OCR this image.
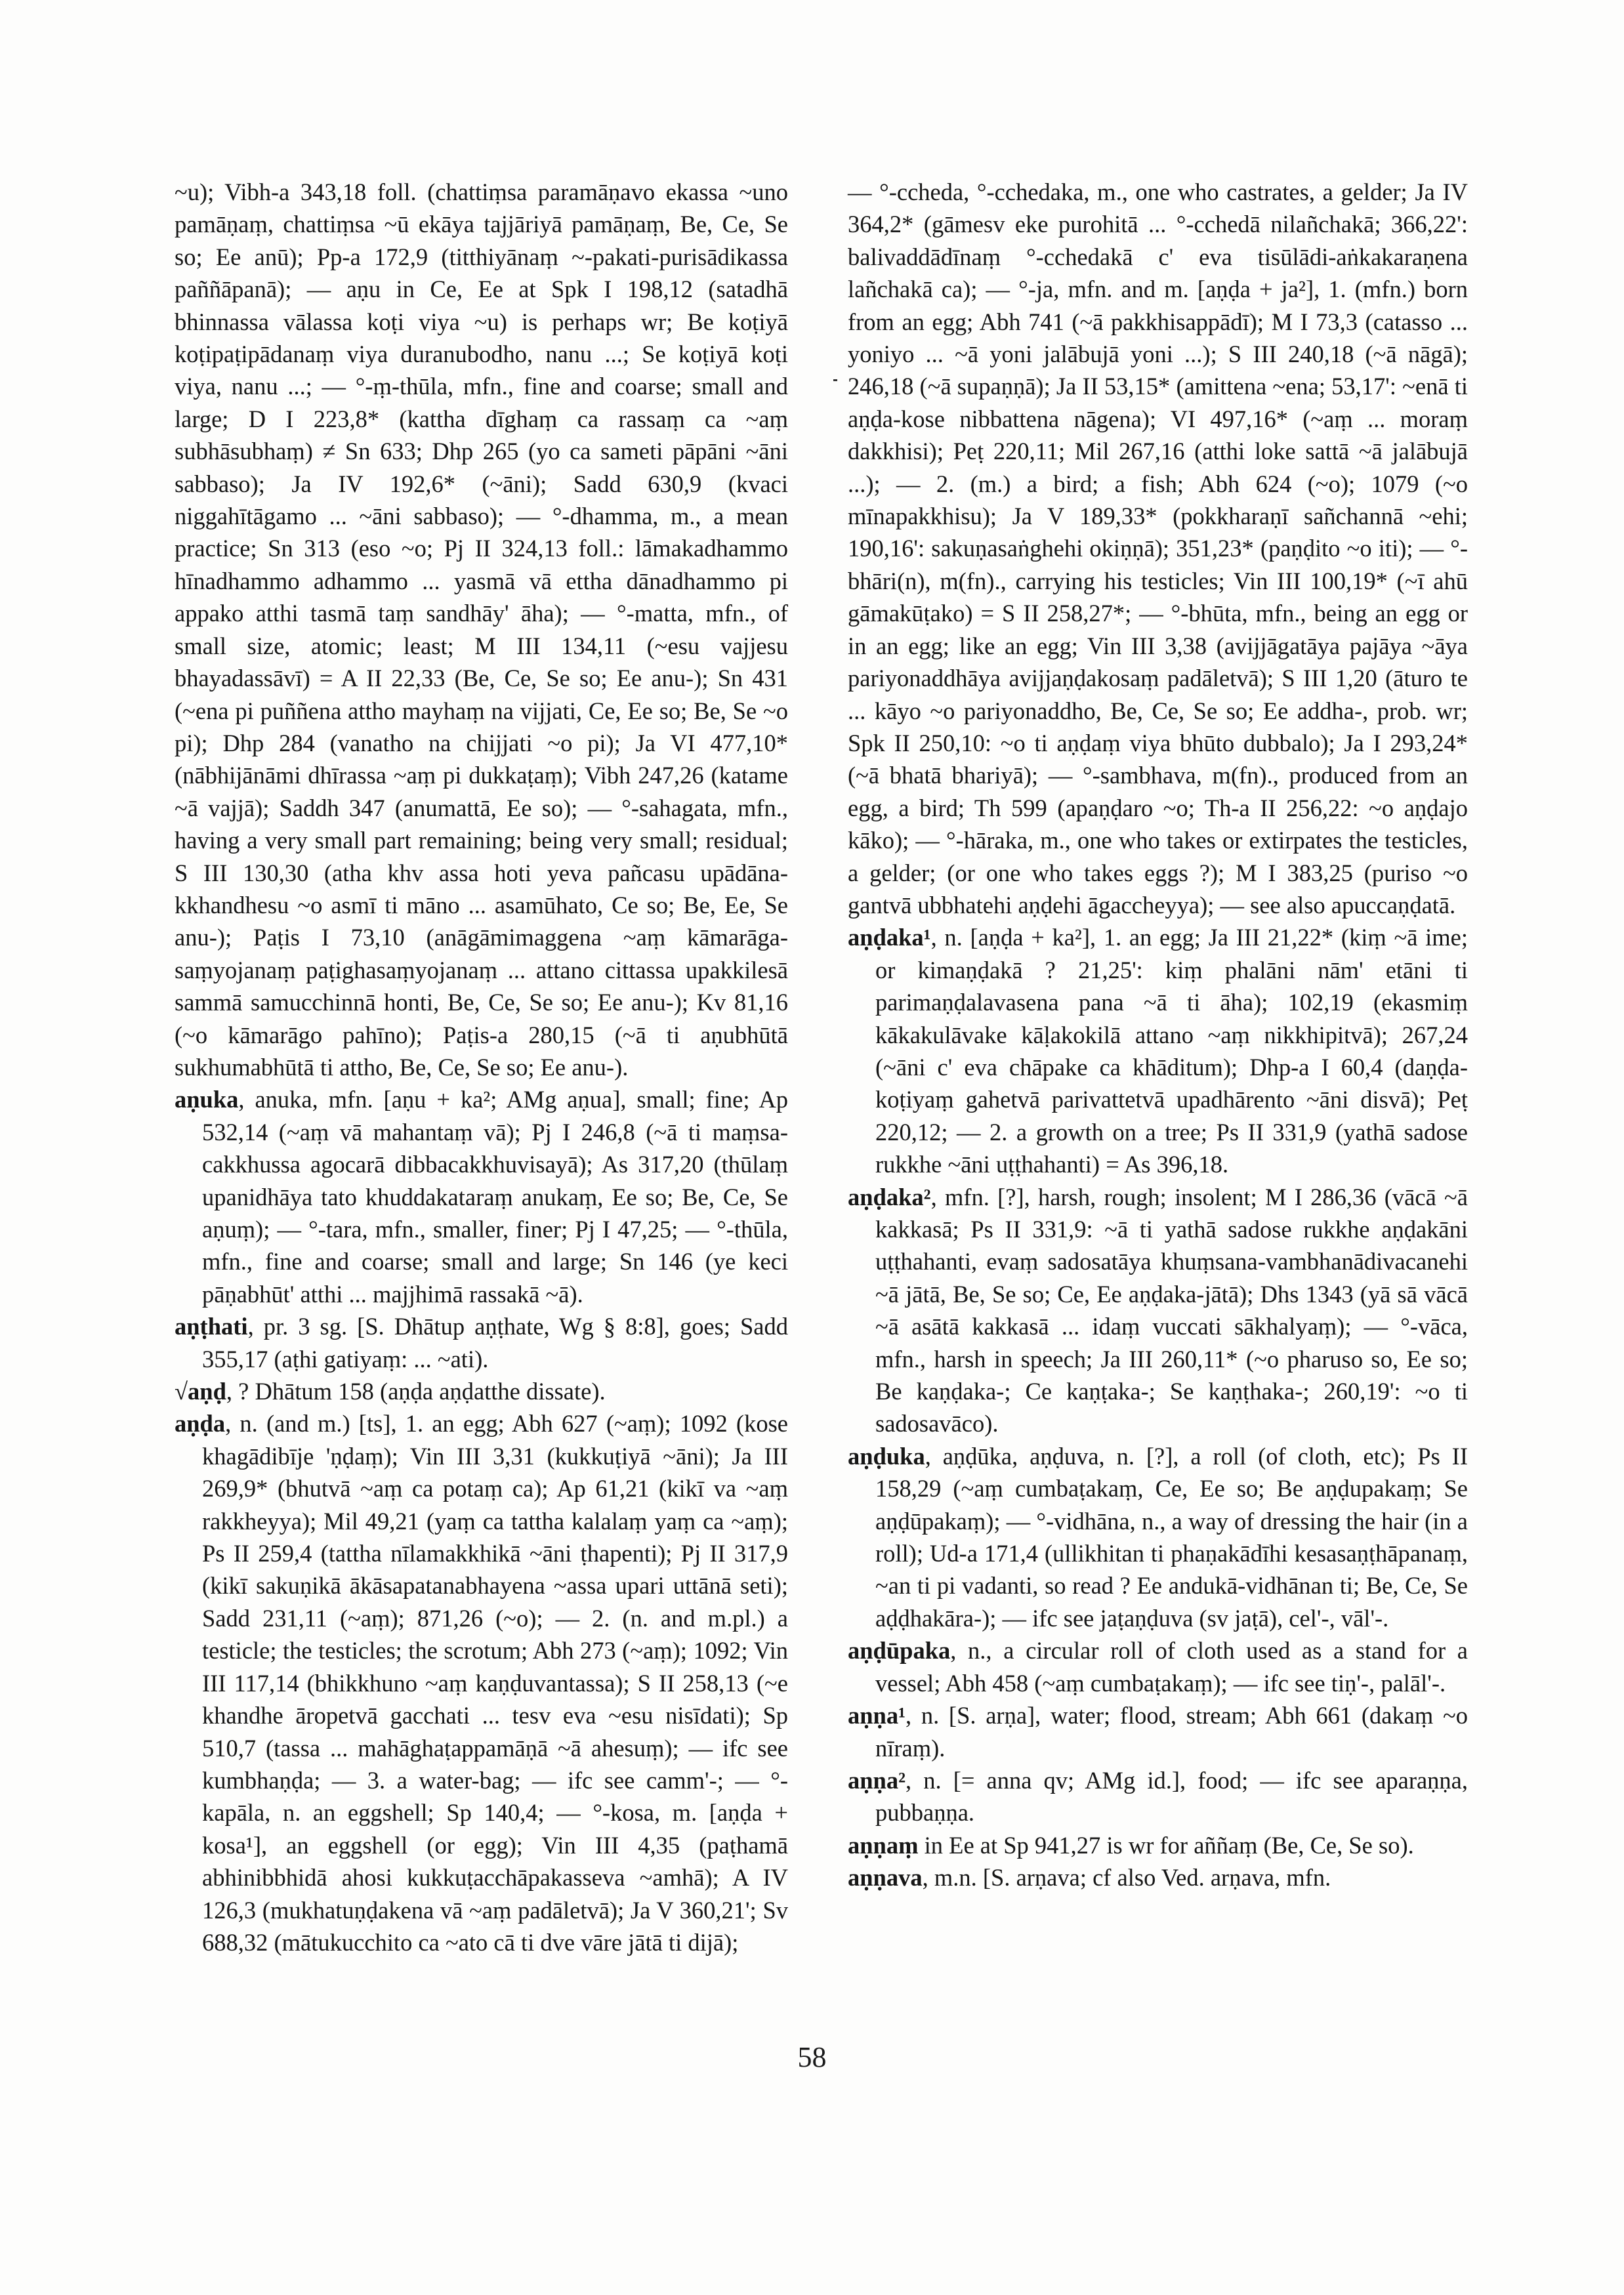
~u); Vibh-a 343,18 foll. (chattiṃsa paramāṇavo ekassa ~uno pamāṇaṃ, chattiṃsa ~ū ekāya tajjāriyā pamāṇaṃ, Be, Ce, Se so; Ee anū); Pp-a 172,9 (titthiyānaṃ ~-pakati-purisādikassa paññāpanā); — aṇu in Ce, Ee at Spk I 198,12 (satadhā bhinnassa vālassa koṭi viya ~u) is perhaps wr; Be koṭiyā koṭipaṭipādanaṃ viya duranubodho, nanu ...; Se koṭiyā koṭi viya, nanu ...; — °-ṃ-thūla, mfn., fine and coarse; small and large; D I 223,8* (kattha dīghaṃ ca rassaṃ ca ~aṃ subhāsubhaṃ) ≠ Sn 633; Dhp 265 (yo ca sameti pāpāni ~āni sabbaso); Ja IV 192,6* (~āni); Sadd 630,9 (kvaci niggahītāgamo ... ~āni sabbaso); — °-dhamma, m., a mean practice; Sn 313 (eso ~o; Pj II 324,13 foll.: lāmakadhammo hīnadhammo adhammo ... yasmā vā ettha dānadhammo pi appako atthi tasmā taṃ sandhāy' āha); — °-matta, mfn., of small size, atomic; least; M III 134,11 (~esu vajjesu bhayadassāvī) = A II 22,33 (Be, Ce, Se so; Ee anu-); Sn 431 (~ena pi puññena attho mayhaṃ na vijjati, Ce, Ee so; Be, Se ~o pi); Dhp 284 (vanatho na chijjati ~o pi); Ja VI 477,10* (nābhijānāmi dhīrassa ~aṃ pi dukkaṭaṃ); Vibh 247,26 (katame ~ā vajjā); Saddh 347 (anumattā, Ee so); — °-sahagata, mfn., having a very small part remaining; being very small; residual; S III 130,30 (atha khv assa hoti yeva pañcasu upādāna-kkhandhesu ~o asmī ti māno ... asamūhato, Ce so; Be, Ee, Se anu-); Paṭis I 73,10 (anāgāmimaggena ~aṃ kāmarāga-saṃyojanaṃ paṭighasaṃyojanaṃ ... attano cittassa upakkilesā sammā samucchinnā honti, Be, Ce, Se so; Ee anu-); Kv 81,16 (~o kāmarāgo pahīno); Paṭis-a 280,15 (~ā ti aṇubhūtā sukhumabhūtā ti attho, Be, Ce, Se so; Ee anu-).

aṇuka, anuka, mfn. [aṇu + ka²; AMg aṇua], small; fine; Ap 532,14 (~aṃ vā mahantaṃ vā); Pj I 246,8 (~ā ti maṃsa-cakkhussa agocarā dibbacakkhuvisayā); As 317,20 (thūlaṃ upanidhāya tato khuddakataraṃ anukaṃ, Ee so; Be, Ce, Se aṇuṃ); — °-tara, mfn., smaller, finer; Pj I 47,25; — °-thūla, mfn., fine and coarse; small and large; Sn 146 (ye keci pāṇabhūt' atthi ... majjhimā rassakā ~ā).

aṇṭhati, pr. 3 sg. [S. Dhātup aṇṭhate, Wg § 8:8], goes; Sadd 355,17 (aṭhi gatiyaṃ: ... ~ati).

√aṇḍ, ? Dhātum 158 (aṇḍa aṇḍatthe dissate).

aṇḍa, n. (and m.) [ts], 1. an egg; Abh 627 (~aṃ); 1092 (kose khagādibīje 'ṇḍaṃ); Vin III 3,31 (kukkuṭiyā ~āni); Ja III 269,9* (bhutvā ~aṃ ca potaṃ ca); Ap 61,21 (kikī va ~aṃ rakkheyya); Mil 49,21 (yaṃ ca tattha kalalaṃ yaṃ ca ~aṃ); Ps II 259,4 (tattha nīlamakkhikā ~āni ṭhapenti); Pj II 317,9 (kikī sakuṇikā ākāsapatanabhayena ~assa upari uttānā seti); Sadd 231,11 (~aṃ); 871,26 (~o); — 2. (n. and m.pl.) a testicle; the testicles; the scrotum; Abh 273 (~aṃ); 1092; Vin III 117,14 (bhikkhuno ~aṃ kaṇḍuvantassa); S II 258,13 (~e khandhe āropetvā gacchati ... tesv eva ~esu nisīdati); Sp 510,7 (tassa ... mahāghaṭappamāṇā ~ā ahesuṃ); — ifc see kumbhaṇḍa; — 3. a water-bag; — ifc see camm'-; — °-kapāla, n. an eggshell; Sp 140,4; — °-kosa, m. [aṇḍa + kosa¹], an eggshell (or egg); Vin III 4,35 (paṭhamā abhinibbhidā ahosi kukkuṭacchāpakasseva ~amhā); A IV 126,3 (mukhatuṇḍakena vā ~aṃ padāletvā); Ja V 360,21'; Sv 688,32 (mātukucchito ca ~ato cā ti dve vāre jātā ti dijā);

— °-ccheda, °-cchedaka, m., one who castrates, a gelder; Ja IV 364,2* (gāmesv eke purohitā ... °-cchedā nilañchakā; 366,22': balivaddādīnaṃ °-cchedakā c' eva tisūlādi-aṅkakaraṇena lañchakā ca); — °-ja, mfn. and m. [aṇḍa + ja²], 1. (mfn.) born from an egg; Abh 741 (~ā pakkhisappādī); M I 73,3 (catasso ... yoniyo ... ~ā yoni jalābujā yoni ...); S III 240,18 (~ā nāgā); 246,18 (~ā supaṇṇā); Ja II 53,15* (amittena ~ena; 53,17': ~enā ti aṇḍa-kose nibbattena nāgena); VI 497,16* (~aṃ ... moraṃ dakkhisi); Peṭ 220,11; Mil 267,16 (atthi loke sattā ~ā jalābujā ...); — 2. (m.) a bird; a fish; Abh 624 (~o); 1079 (~o mīnapakkhisu); Ja V 189,33* (pokkharaṇī sañchannā ~ehi; 190,16': sakuṇasaṅghehi okiṇṇā); 351,23* (paṇḍito ~o iti); — °-bhāri(n), m(fn)., carrying his testicles; Vin III 100,19* (~ī ahū gāmakūṭako) = S II 258,27*; — °-bhūta, mfn., being an egg or in an egg; like an egg; Vin III 3,38 (avijjāgatāya pajāya ~āya pariyonaddhāya avijjaṇḍakosaṃ padāletvā); S III 1,20 (āturo te ... kāyo ~o pariyonaddho, Be, Ce, Se so; Ee addha-, prob. wr; Spk II 250,10: ~o ti aṇḍaṃ viya bhūto dubbalo); Ja I 293,24* (~ā bhatā bhariyā); — °-sambhava, m(fn)., produced from an egg, a bird; Th 599 (apaṇḍaro ~o; Th-a II 256,22: ~o aṇḍajo kāko); — °-hāraka, m., one who takes or extirpates the testicles, a gelder; (or one who takes eggs ?); M I 383,25 (puriso ~o gantvā ubbhatehi aṇḍehi āgaccheyya); — see also apuccaṇḍatā.

aṇḍaka¹, n. [aṇḍa + ka²], 1. an egg; Ja III 21,22* (kiṃ ~ā ime; or kimaṇḍakā ? 21,25': kiṃ phalāni nām' etāni ti parimaṇḍalavasena pana ~ā ti āha); 102,19 (ekasmiṃ kākakulāvake kāḷakokilā attano ~aṃ nikkhipitvā); 267,24 (~āni c' eva chāpake ca khāditum); Dhp-a I 60,4 (daṇḍa-koṭiyaṃ gahetvā parivattetvā upadhārento ~āni disvā); Peṭ 220,12; — 2. a growth on a tree; Ps II 331,9 (yathā sadose rukkhe ~āni uṭṭhahanti) = As 396,18.

aṇḍaka², mfn. [?], harsh, rough; insolent; M I 286,36 (vācā ~ā kakkasā; Ps II 331,9: ~ā ti yathā sadose rukkhe aṇḍakāni uṭṭhahanti, evaṃ sadosatāya khuṃsana-vambhanādivacanehi ~ā jātā, Be, Se so; Ce, Ee aṇḍaka-jātā); Dhs 1343 (yā sā vācā ~ā asātā kakkasā ... idaṃ vuccati sākhalyaṃ); — °-vāca, mfn., harsh in speech; Ja III 260,11* (~o pharuso so, Ee so; Be kaṇḍaka-; Ce kaṇṭaka-; Se kaṇṭhaka-; 260,19': ~o ti sadosavāco).

aṇḍuka, aṇḍūka, aṇḍuva, n. [?], a roll (of cloth, etc); Ps II 158,29 (~aṃ cumbaṭakaṃ, Ce, Ee so; Be aṇḍupakaṃ; Se aṇḍūpakaṃ); — °-vidhāna, n., a way of dressing the hair (in a roll); Ud-a 171,4 (ullikhitan ti phaṇakādīhi kesasaṇṭhāpanaṃ, ~an ti pi vadanti, so read ? Ee andukā-vidhānan ti; Be, Ce, Se aḍḍhakāra-); — ifc see jaṭaṇḍuva (sv jaṭā), cel'-, vāl'-.

aṇḍūpaka, n., a circular roll of cloth used as a stand for a vessel; Abh 458 (~aṃ cumbaṭakaṃ); — ifc see tiṇ'-, palāl'-.

aṇṇa¹, n. [S. arṇa], water; flood, stream; Abh 661 (dakaṃ ~o nīraṃ).

aṇṇa², n. [= anna qv; AMg id.], food; — ifc see aparaṇṇa, pubbaṇṇa.

aṇṇaṃ in Ee at Sp 941,27 is wr for aññaṃ (Be, Ce, Se so).

aṇṇava, m.n. [S. arṇava; cf also Ved. arṇava, mfn.

58
